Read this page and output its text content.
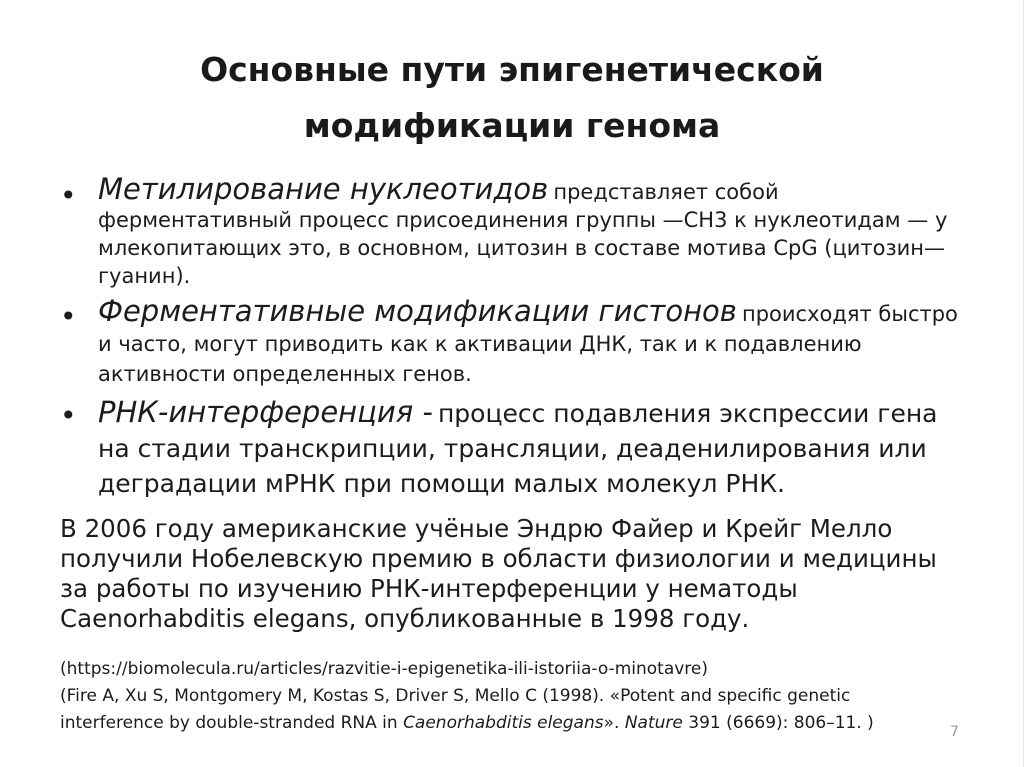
Основные пути эпигенетической
модификации генома
• Метилирование нуклеотидов представляет собой ферментативный процесс присоединения группы —CH3 к нуклеотидам — у млекопитающих это, в основном, цитозин в составе мотива CpG (цитозин—гуанин).
• Ферментативные модификации гистонов происходят быстро и часто, могут приводить как к активации ДНК, так и к подавлению активности определенных генов.
• РНК-интерференция - процесс подавления экспрессии гена на стадии транскрипции, трансляции, деаденилирования или деградации мРНК при помощи малых молекул РНК.
В 2006 году американские учёные Эндрю Файер и Крейг Мелло получили Нобелевскую премию в области физиологии и медицины за работы по изучению РНК-интерференции у нематоды Caenorhabditis elegans, опубликованные в 1998 году.
(https://biomolecula.ru/articles/razvitie-i-epigenetika-ili-istoriia-o-minotavre)
(Fire A, Xu S, Montgomery M, Kostas S, Driver S, Mello C (1998). «Potent and specific genetic
interference by double-stranded RNA in Caenorhabditis elegans». Nature 391 (6669): 806–11. )	7
